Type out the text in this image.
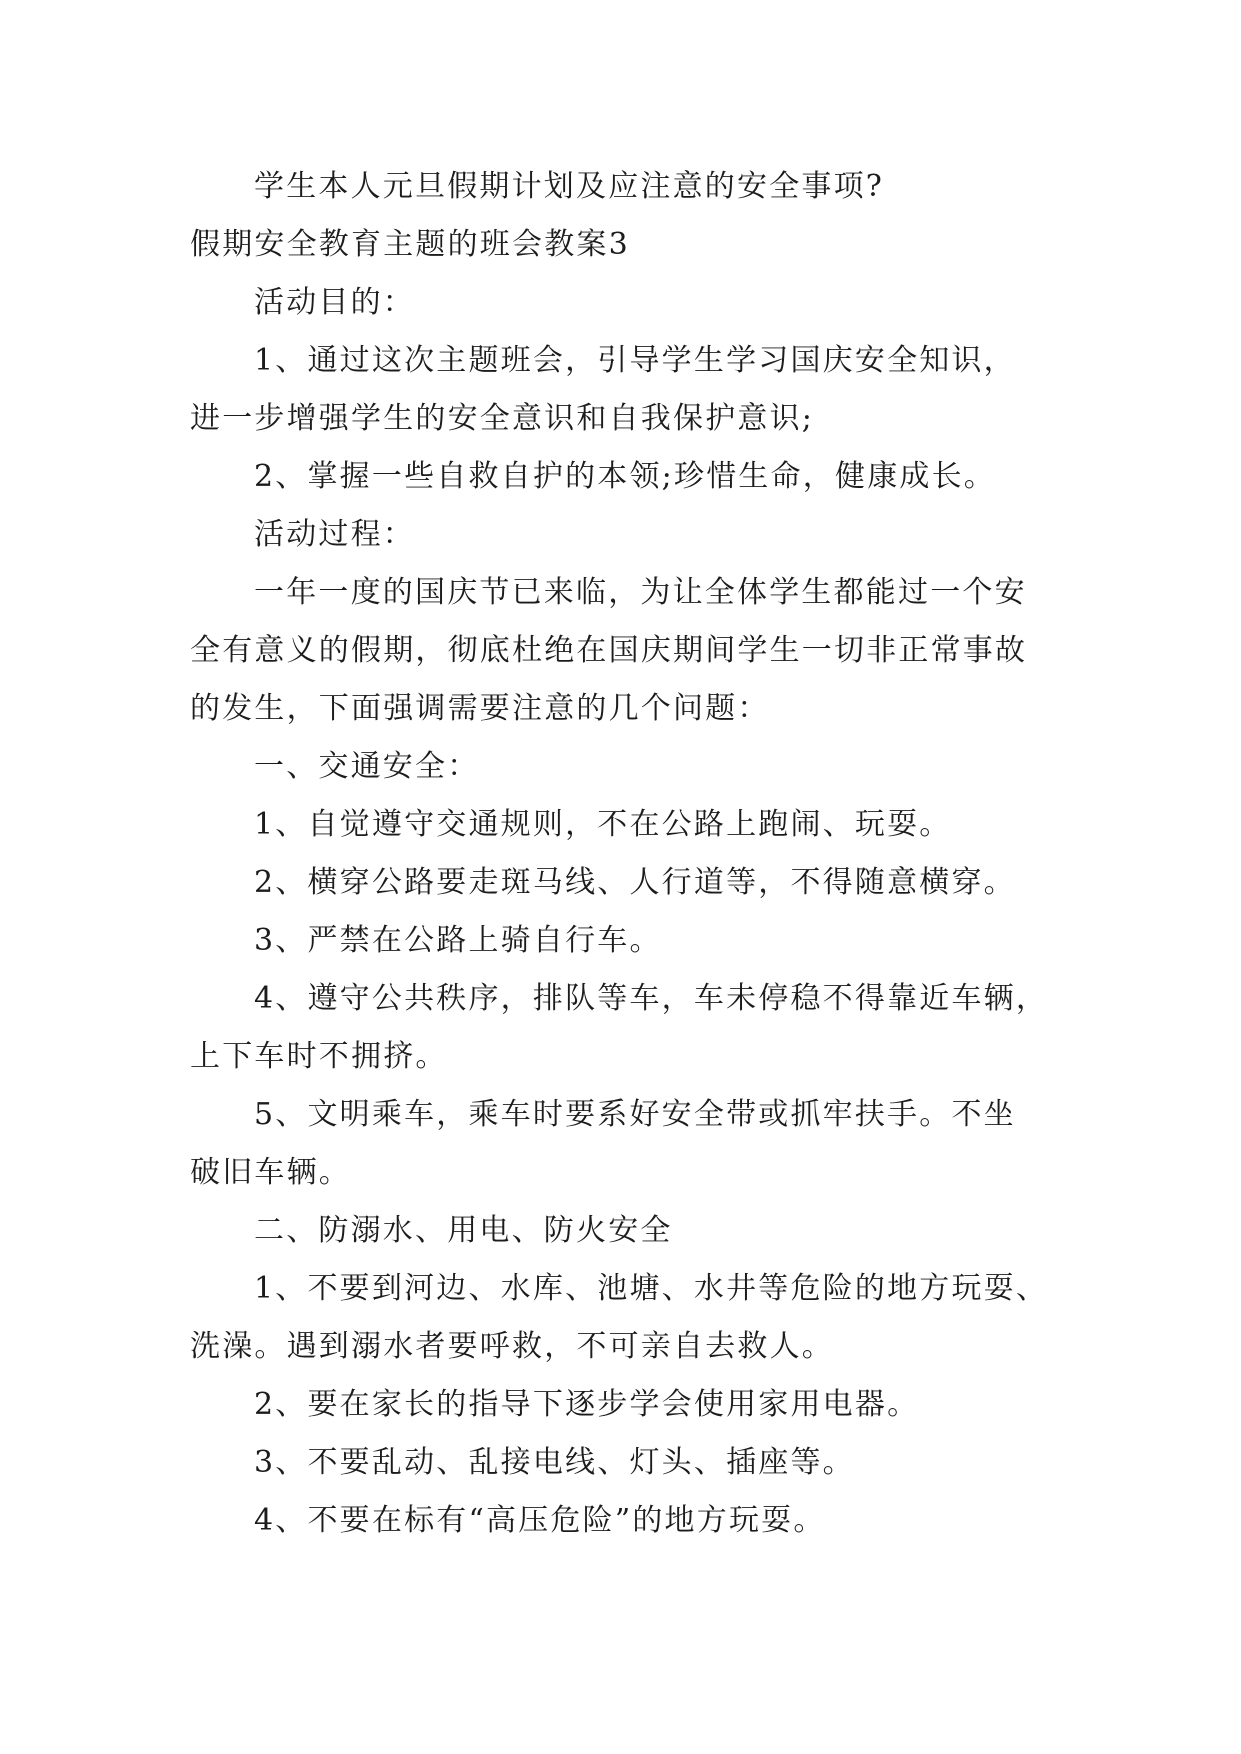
学生本人元旦假期计划及应注意的安全事项?
假期安全教育主题的班会教案3
活动目的：
1、通过这次主题班会，引导学生学习国庆安全知识，
进一步增强学生的安全意识和自我保护意识;
2、掌握一些自救自护的本领;珍惜生命，健康成长。
活动过程：
一年一度的国庆节已来临，为让全体学生都能过一个安
全有意义的假期，彻底杜绝在国庆期间学生一切非正常事故
的发生，下面强调需要注意的几个问题：
一、交通安全：
1、自觉遵守交通规则，不在公路上跑闹、玩耍。
2、横穿公路要走斑马线、人行道等，不得随意横穿。
3、严禁在公路上骑自行车。
4、遵守公共秩序，排队等车，车未停稳不得靠近车辆，
上下车时不拥挤。
5、文明乘车，乘车时要系好安全带或抓牢扶手。不坐
破旧车辆。
二、防溺水、用电、防火安全
1、不要到河边、水库、池塘、水井等危险的地方玩耍、
洗澡。遇到溺水者要呼救，不可亲自去救人。
2、要在家长的指导下逐步学会使用家用电器。
3、不要乱动、乱接电线、灯头、插座等。
4、不要在标有“高压危险”的地方玩耍。
